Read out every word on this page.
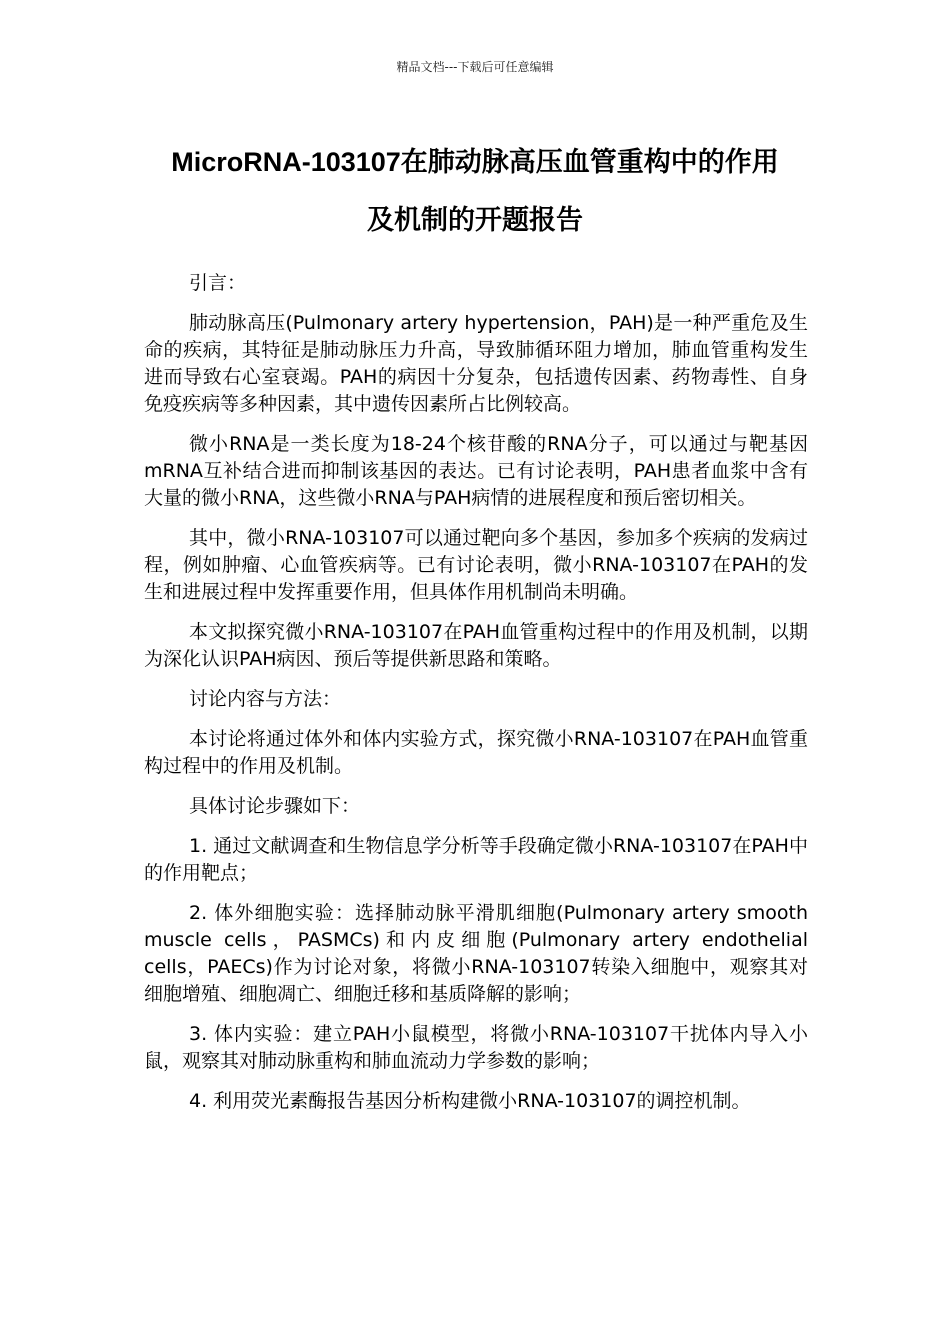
精品文档---下载后可任意编辑
MicroRNA-103107在肺动脉高压血管重构中的作用
及机制的开题报告

引言：

肺动脉高压(Pulmonary artery hypertension，PAH)是一种严重危及生命的疾病，其特征是肺动脉压力升高，导致肺循环阻力增加，肺血管重构发生进而导致右心室衰竭。PAH的病因十分复杂，包括遗传因素、药物毒性、自身免疫疾病等多种因素，其中遗传因素所占比例较高。

微小RNA是一类长度为18-24个核苷酸的RNA分子，可以通过与靶基因mRNA互补结合进而抑制该基因的表达。已有讨论表明，PAH患者血浆中含有大量的微小RNA，这些微小RNA与PAH病情的进展程度和预后密切相关。

其中，微小RNA-103107可以通过靶向多个基因，参加多个疾病的发病过程，例如肿瘤、心血管疾病等。已有讨论表明，微小RNA-103107在PAH的发生和进展过程中发挥重要作用，但具体作用机制尚未明确。

本文拟探究微小RNA-103107在PAH血管重构过程中的作用及机制，以期为深化认识PAH病因、预后等提供新思路和策略。

讨论内容与方法：

本讨论将通过体外和体内实验方式，探究微小RNA-103107在PAH血管重构过程中的作用及机制。

具体讨论步骤如下：

1. 通过文献调查和生物信息学分析等手段确定微小RNA-103107在PAH中的作用靶点；

2. 体外细胞实验：选择肺动脉平滑肌细胞(Pulmonary artery smooth muscle cells，PASMCs)和内皮细胞(Pulmonary artery endothelial cells，PAECs)作为讨论对象，将微小RNA-103107转染入细胞中，观察其对细胞增殖、细胞凋亡、细胞迁移和基质降解的影响；

3. 体内实验：建立PAH小鼠模型，将微小RNA-103107干扰体内导入小鼠，观察其对肺动脉重构和肺血流动力学参数的影响；

4. 利用荧光素酶报告基因分析构建微小RNA-103107的调控机制。
